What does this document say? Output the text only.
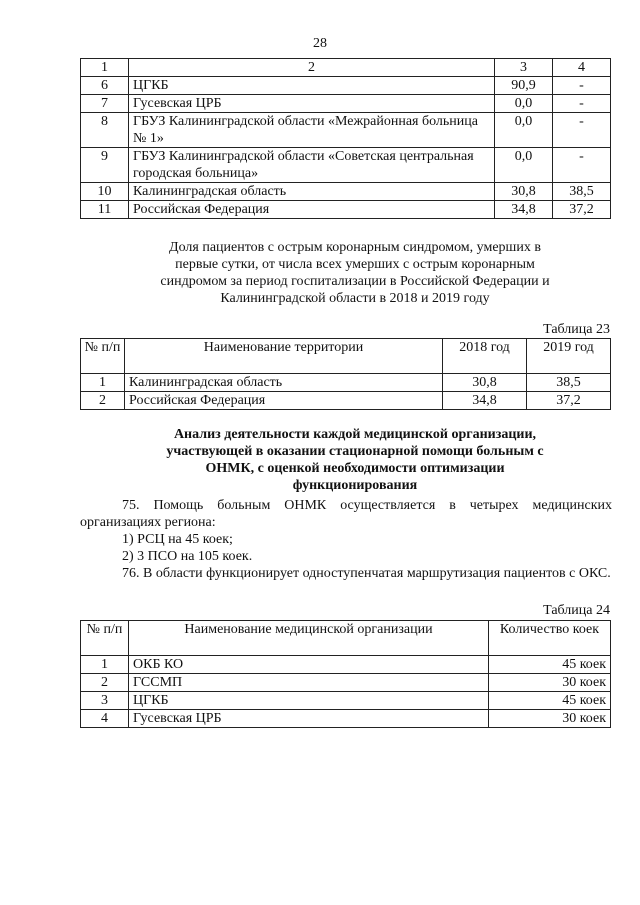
28
1	2	3	4
6	ЦГКБ	90,9	-
7	Гусевская ЦРБ	0,0	-
8	ГБУЗ Калининградской области «Межрайонная больница № 1»	0,0	-
9	ГБУЗ Калининградской области «Советская центральная городская больница»	0,0	-
10	Калининградская область	30,8	38,5
11	Российская Федерация	34,8	37,2
Доля пациентов с острым коронарным синдромом, умерших в первые сутки, от числа всех умерших с острым коронарным синдромом за период госпитализации в Российской Федерации и Калининградской области в 2018 и 2019 году
Таблица 23
№ п/п	Наименование территории	2018 год	2019 год
1	Калининградская область	30,8	38,5
2	Российская Федерация	34,8	37,2
Анализ деятельности каждой медицинской организации, участвующей в оказании стационарной помощи больным с ОНМК, с оценкой необходимости оптимизации функционирования
75. Помощь больным ОНМК осуществляется в четырех медицинских организациях региона:
1) РСЦ на 45 коек;
2) 3 ПСО на 105 коек.
76. В области функционирует одноступенчатая маршрутизация пациентов с ОКС.
Таблица 24
№ п/п	Наименование медицинской организации	Количество коек
1	ОКБ КО	45 коек
2	ГССМП	30 коек
3	ЦГКБ	45 коек
4	Гусевская ЦРБ	30 коек
